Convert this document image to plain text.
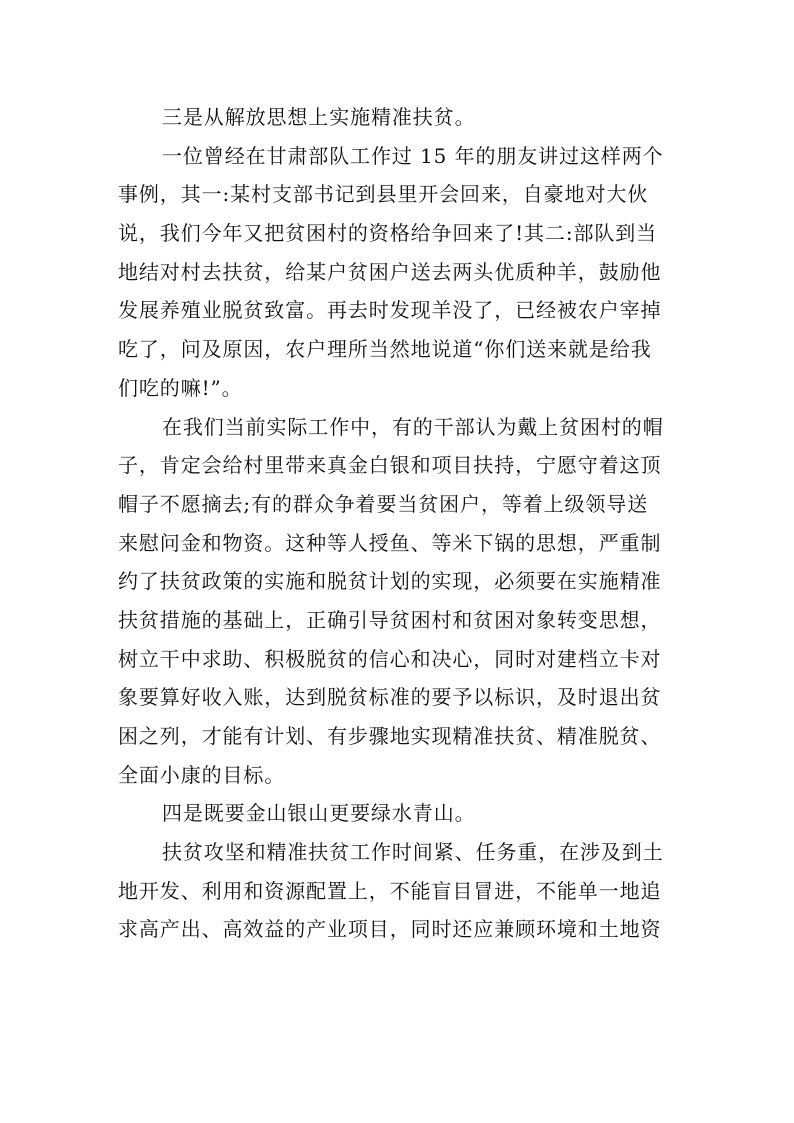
三是从解放思想上实施精准扶贫。
一位曾经在甘肃部队工作过 15 年的朋友讲过这样两个
事例，其一:某村支部书记到县里开会回来，自豪地对大伙
说，我们今年又把贫困村的资格给争回来了!其二:部队到当
地结对村去扶贫，给某户贫困户送去两头优质种羊，鼓励他
发展养殖业脱贫致富。再去时发现羊没了，已经被农户宰掉
吃了，问及原因，农户理所当然地说道“你们送来就是给我
们吃的嘛!”。
在我们当前实际工作中，有的干部认为戴上贫困村的帽
子，肯定会给村里带来真金白银和项目扶持，宁愿守着这顶
帽子不愿摘去;有的群众争着要当贫困户，等着上级领导送
来慰问金和物资。这种等人授鱼、等米下锅的思想，严重制
约了扶贫政策的实施和脱贫计划的实现，必须要在实施精准
扶贫措施的基础上，正确引导贫困村和贫困对象转变思想，
树立干中求助、积极脱贫的信心和决心，同时对建档立卡对
象要算好收入账，达到脱贫标准的要予以标识，及时退出贫
困之列，才能有计划、有步骤地实现精准扶贫、精准脱贫、
全面小康的目标。
四是既要金山银山更要绿水青山。
扶贫攻坚和精准扶贫工作时间紧、任务重，在涉及到土
地开发、利用和资源配置上，不能盲目冒进，不能单一地追
求高产出、高效益的产业项目，同时还应兼顾环境和土地资
